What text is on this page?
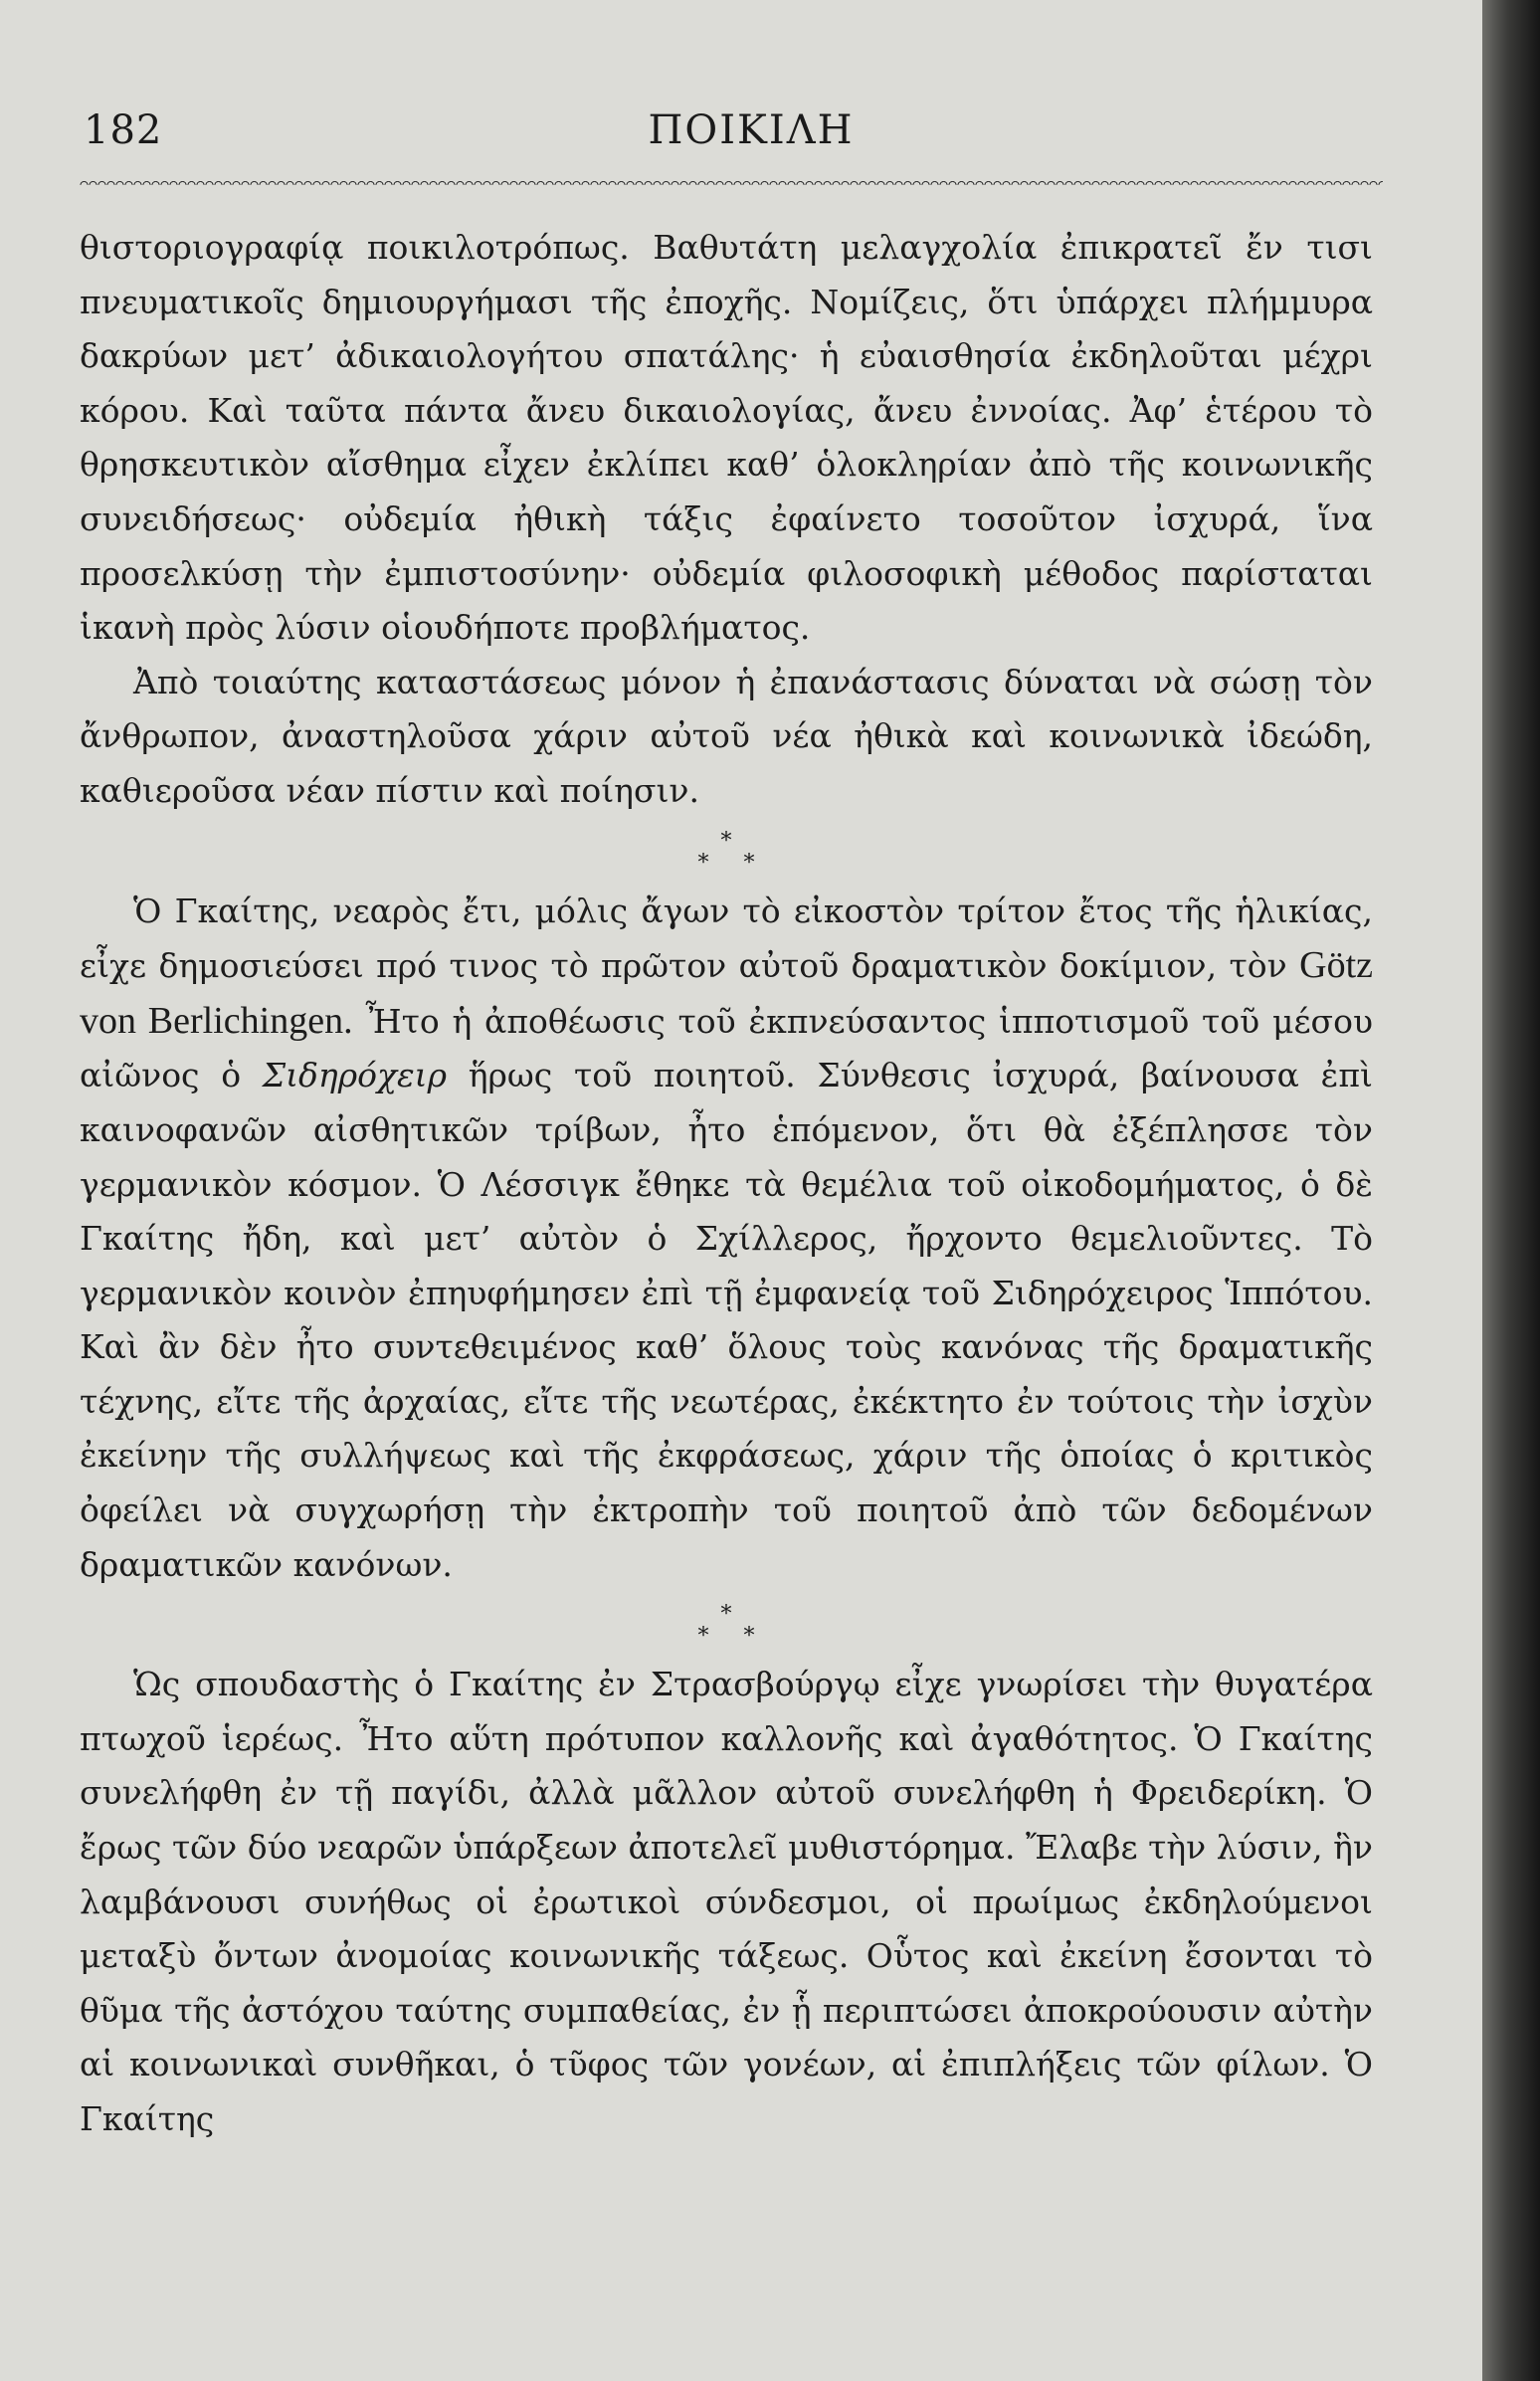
182	ΠΟΙΚΙΛΗ

θιστοριογραφίᾳ ποικιλοτρόπως. Βαθυτάτη μελαγχολία ἐπικρατεῖ ἔν τισι πνευματικοῖς δημιουργήμασι τῆς ἐποχῆς. Νομίζεις, ὅτι ὑπάρχει πλήμμυρα δακρύων μετ’ ἀδικαιολογήτου σπατάλης· ἡ εὐαισθησία ἐκδηλοῦται μέχρι κόρου. Καὶ ταῦτα πάντα ἄνευ δικαιολογίας, ἄνευ ἐννοίας. Ἀφ’ ἑτέρου τὸ θρησκευτικὸν αἴσθημα εἶχεν ἐκλίπει καθ’ ὁλοκληρίαν ἀπὸ τῆς κοινωνικῆς συνειδήσεως· οὐδεμία ἠθικὴ τάξις ἐφαίνετο τοσοῦτον ἰσχυρά, ἵνα προσελκύσῃ τὴν ἐμπιστοσύνην· οὐδεμία φιλοσοφικὴ μέθοδος παρίσταται ἱκανὴ πρὸς λύσιν οἱουδήποτε προβλήματος.

Ἀπὸ τοιαύτης καταστάσεως μόνον ἡ ἐπανάστασις δύναται νὰ σώσῃ τὸν ἄνθρωπον, ἀναστηλοῦσα χάριν αὐτοῦ νέα ἠθικὰ καὶ κοινωνικὰ ἰδεώδη, καθιεροῦσα νέαν πίστιν καὶ ποίησιν.

*
* *

Ὁ Γκαίτης, νεαρὸς ἔτι, μόλις ἄγων τὸ εἰκοστὸν τρίτον ἔτος τῆς ἡλικίας, εἶχε δημοσιεύσει πρό τινος τὸ πρῶτον αὐτοῦ δραματικὸν δοκίμιον, τὸν Götz von Berlichingen. Ἦτο ἡ ἀποθέωσις τοῦ ἐκπνεύσαντος ἱπποτισμοῦ τοῦ μέσου αἰῶνος ὁ Σιδηρόχειρ ἥρως τοῦ ποιητοῦ. Σύνθεσις ἰσχυρά, βαίνουσα ἐπὶ καινοφανῶν αἰσθητικῶν τρίβων, ἦτο ἑπόμενον, ὅτι θὰ ἐξέπλησσε τὸν γερμανικὸν κόσμον. Ὁ Λέσσιγκ ἔθηκε τὰ θεμέλια τοῦ οἰκοδομήματος, ὁ δὲ Γκαίτης ἤδη, καὶ μετ’ αὐτὸν ὁ Σχίλλερος, ἤρχοντο θεμελιοῦντες. Τὸ γερμανικὸν κοινὸν ἐπηυφήμησεν ἐπὶ τῇ ἐμφανείᾳ τοῦ Σιδηρόχειρος Ἱππότου. Καὶ ἂν δὲν ἦτο συντεθειμένος καθ’ ὅλους τοὺς κανόνας τῆς δραματικῆς τέχνης, εἴτε τῆς ἀρχαίας, εἴτε τῆς νεωτέρας, ἐκέκτητο ἐν τούτοις τὴν ἰσχὺν ἐκείνην τῆς συλλήψεως καὶ τῆς ἐκφράσεως, χάριν τῆς ὁποίας ὁ κριτικὸς ὀφείλει νὰ συγχωρήσῃ τὴν ἐκτροπὴν τοῦ ποιητοῦ ἀπὸ τῶν δεδομένων δραματικῶν κανόνων.

*
* *

Ὡς σπουδαστὴς ὁ Γκαίτης ἐν Στρασβούργῳ εἶχε γνωρίσει τὴν θυγατέρα πτωχοῦ ἱερέως. Ἦτο αὕτη πρότυπον καλλονῆς καὶ ἀγαθότητος. Ὁ Γκαίτης συνελήφθη ἐν τῇ παγίδι, ἀλλὰ μᾶλλον αὐτοῦ συνελήφθη ἡ Φρειδερίκη. Ὁ ἔρως τῶν δύο νεαρῶν ὑπάρξεων ἀποτελεῖ μυθιστόρημα. Ἔλαβε τὴν λύσιν, ἣν λαμβάνουσι συνήθως οἱ ἐρωτικοὶ σύνδεσμοι, οἱ πρωίμως ἐκδηλούμενοι μεταξὺ ὄντων ἀνομοίας κοινωνικῆς τάξεως. Οὗτος καὶ ἐκείνη ἔσονται τὸ θῦμα τῆς ἀστόχου ταύτης συμπαθείας, ἐν ᾗ περιπτώσει ἀποκρούουσιν αὐτὴν αἱ κοινωνικαὶ συνθῆκαι, ὁ τῦφος τῶν γονέων, αἱ ἐπιπλήξεις τῶν φίλων. Ὁ Γκαίτης
